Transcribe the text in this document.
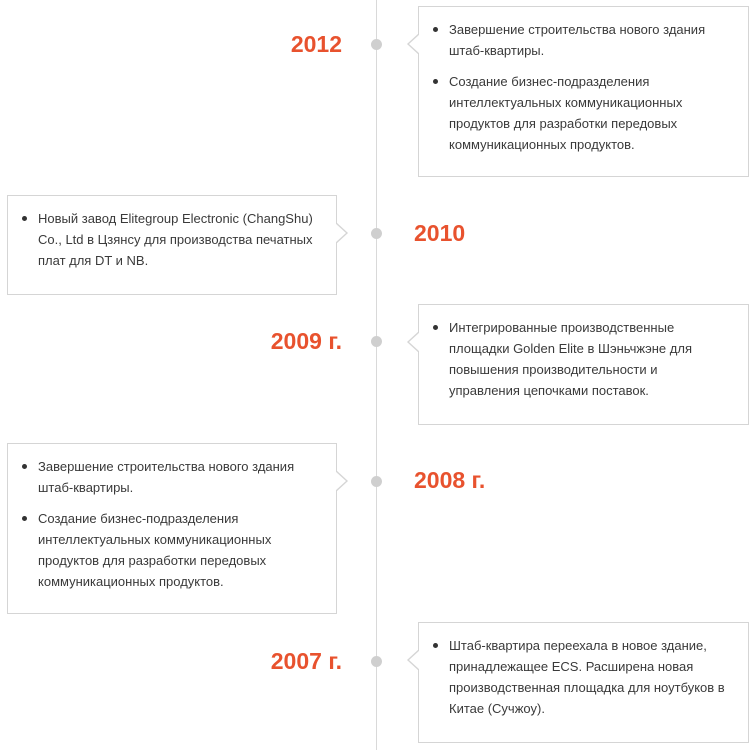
2012
Завершение строительства нового здания штаб-квартиры.
Создание бизнес-подразделения интеллектуальных коммуникационных продуктов для разработки передовых коммуникационных продуктов.
Новый завод Elitegroup Electronic (ChangShu) Co., Ltd в Цзянсу для производства печатных плат для DT и NB.
2010
2009 г.
Интегрированные производственные площадки Golden Elite в Шэньчжэне для повышения производительности и управления цепочками поставок.
Завершение строительства нового здания штаб-квартиры.
Создание бизнес-подразделения интеллектуальных коммуникационных продуктов для разработки передовых коммуникационных продуктов.
2008 г.
2007 г.
Штаб-квартира переехала в новое здание, принадлежащее ECS. Расширена новая производственная площадка для ноутбуков в Китае (Сучжоу).
